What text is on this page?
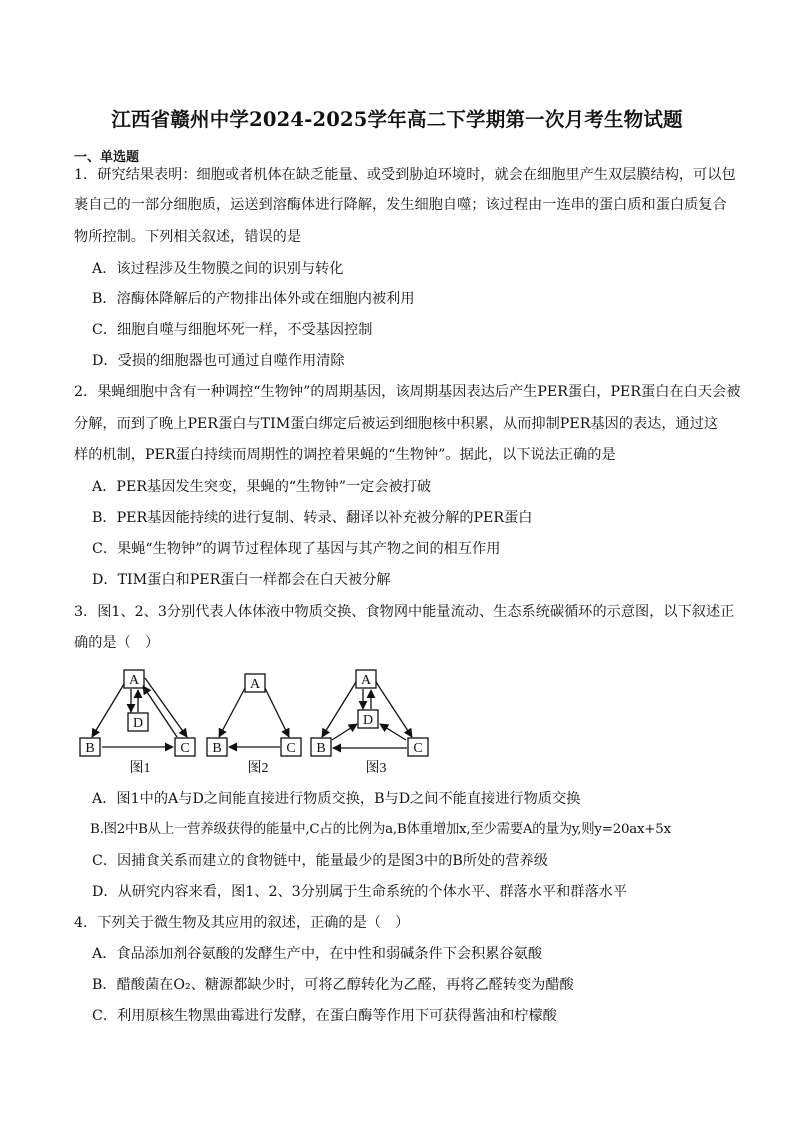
江西省赣州中学2024-2025学年高二下学期第一次月考生物试题
一、单选题
1．研究结果表明：细胞或者机体在缺乏能量、或受到胁迫环境时，就会在细胞里产生双层膜结构，可以包
裹自己的一部分细胞质，运送到溶酶体进行降解，发生细胞自噬；该过程由一连串的蛋白质和蛋白质复合
物所控制。下列相关叙述，错误的是
A．该过程涉及生物膜之间的识别与转化
B．溶酶体降解后的产物排出体外或在细胞内被利用
C．细胞自噬与细胞坏死一样，不受基因控制
D．受损的细胞器也可通过自噬作用清除
2．果蝇细胞中含有一种调控“生物钟”的周期基因，该周期基因表达后产生PER蛋白，PER蛋白在白天会被
分解，而到了晚上PER蛋白与TIM蛋白绑定后被运到细胞核中积累，从而抑制PER基因的表达，通过这
样的机制，PER蛋白持续而周期性的调控着果蝇的“生物钟”。据此，以下说法正确的是
A．PER基因发生突变，果蝇的“生物钟”一定会被打破
B．PER基因能持续的进行复制、转录、翻译以补充被分解的PER蛋白
C．果蝇“生物钟”的调节过程体现了基因与其产物之间的相互作用
D．TIM蛋白和PER蛋白一样都会在白天被分解
3．图1、2、3分别代表人体体液中物质交换、食物网中能量流动、生态系统碳循环的示意图，以下叙述正
确的是（　）
A
D
B	C
A
B	C
A
D
B	C
图1	图2	图3
A．图1中的A与D之间能直接进行物质交换，B与D之间不能直接进行物质交换
B.图2中B从上一营养级获得的能量中,C占的比例为a,B体重增加x,至少需要A的量为y,则y=20ax+5x
C．因捕食关系而建立的食物链中，能量最少的是图3中的B所处的营养级
D．从研究内容来看，图1、2、3分别属于生命系统的个体水平、群落水平和群落水平
4．下列关于微生物及其应用的叙述，正确的是（　）
A．食品添加剂谷氨酸的发酵生产中，在中性和弱碱条件下会积累谷氨酸
B．醋酸菌在O₂、糖源都缺少时，可将乙醇转化为乙醛，再将乙醛转变为醋酸
C．利用原核生物黑曲霉进行发酵，在蛋白酶等作用下可获得酱油和柠檬酸
